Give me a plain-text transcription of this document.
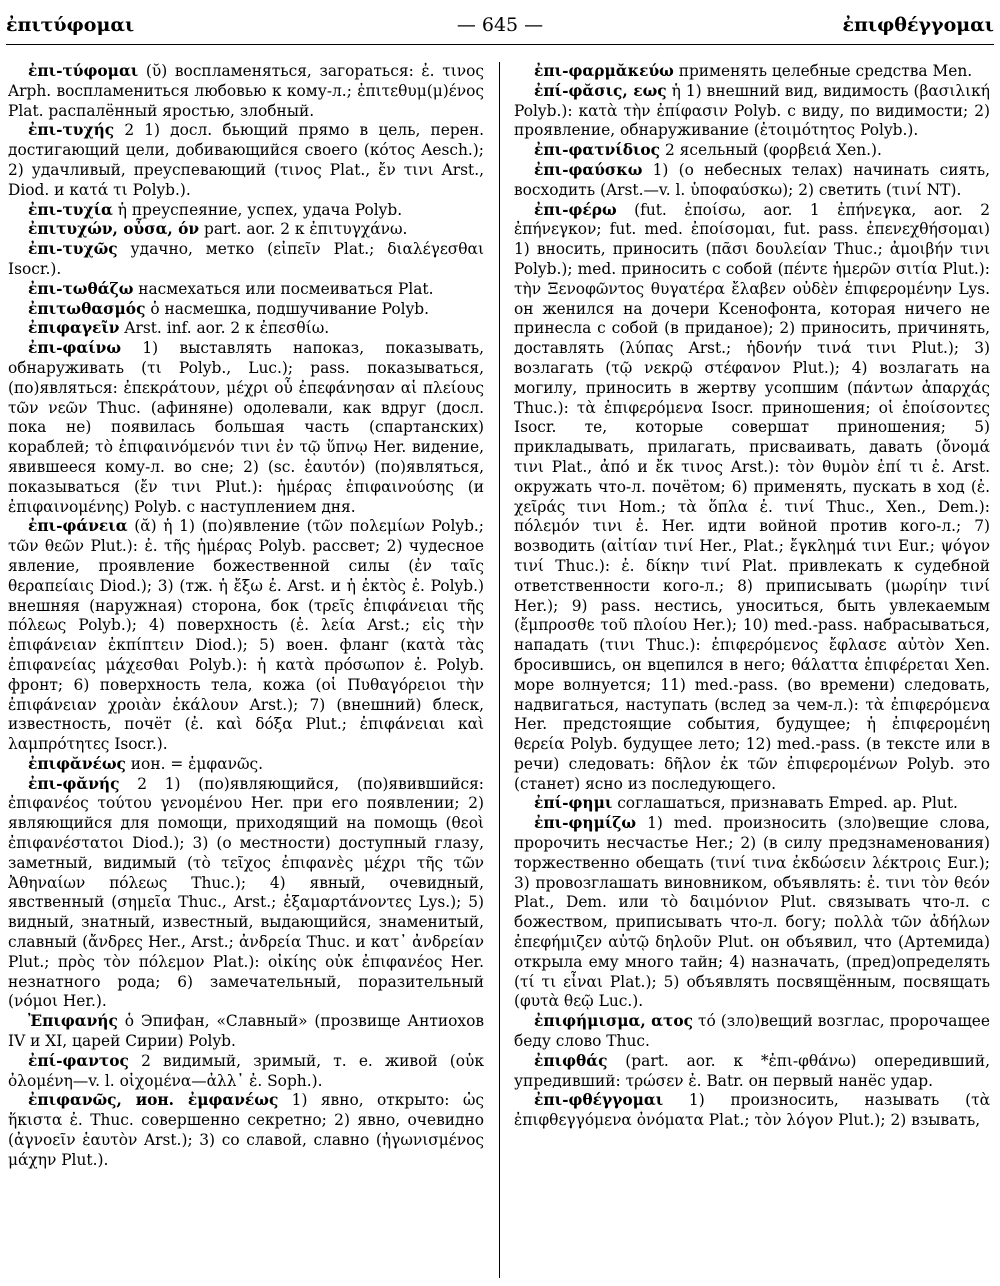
ἐπιτύφομαι	— 645 —	ἐπιφθέγγομαι

ἐπι-τύφομαι (ῠ) воспламеняться, загораться: ἐ. τινος Arph. воспламениться любовью к кому-л.; ἐπιτεθυμ(μ)ένος Plat. распалённый яростью, злобный.

ἐπι-τυχής 2 1) досл. бьющий прямо в цель, перен. достигающий цели, добивающийся своего (κότος Aesch.); 2) удачливый, преуспевающий (τινος Plat., ἔν τινι Arst., Diod. и κατά τι Polyb.).

ἐπι-τυχία ἡ преуспеяние, успех, удача Polyb.

ἐπιτυχών, οὖσα, όν part. aor. 2 к ἐπιτυγχάνω.

ἐπι-τυχῶς удачно, метко (εἰπεῖν Plat.; διαλέγεσθαι Isocr.).

ἐπι-τωθάζω насмехаться или посмеиваться Plat.

ἐπιτωθασμός ὁ насмешка, подшучивание Polyb.

ἐπιφαγεῖν Arst. inf. aor. 2 к ἐπεσθίω.

ἐπι-φαίνω 1) выставлять напоказ, показывать, обнаруживать (τι Polyb., Luc.); pass. показываться, (по)являться: ἐπεκράτουν, μέχρι οὗ ἐπεφάνησαν αἱ πλείους τῶν νεῶν Thuc. (афиняне) одолевали, как вдруг (досл. пока не) появилась большая часть (спартанских) кораблей; τὸ ἐπιφαινόμενόν τινι ἐν τῷ ὕπνῳ Her. видение, явившееся кому-л. во сне; 2) (sc. ἑαυτόν) (по)являться, показываться (ἔν τινι Plut.): ἡμέρας ἐπιφαινούσης (и ἐπιφαινομένης) Polyb. с наступлением дня.

ἐπι-φάνεια (ᾰ) ἡ 1) (по)явление (τῶν πολεμίων Polyb.; τῶν θεῶν Plut.): ἐ. τῆς ἡμέρας Polyb. рассвет; 2) чудесное явление, проявление божественной силы (ἐν ταῖς θεραπείαις Diod.); 3) (тж. ἡ ἔξω ἐ. Arst. и ἡ ἐκτὸς ἐ. Polyb.) внешняя (наружная) сторона, бок (τρεῖς ἐπιφάνειαι τῆς πόλεως Polyb.); 4) поверхность (ἐ. λεία Arst.; εἰς τὴν ἐπιφάνειαν ἐκπίπτειν Diod.); 5) воен. фланг (κατὰ τὰς ἐπιφανείας μάχεσθαι Polyb.): ἡ κατὰ πρόσωπον ἐ. Polyb. фронт; 6) поверхность тела, кожа (οἱ Πυθαγόρειοι τὴν ἐπιφάνειαν χροιὰν ἐκάλουν Arst.); 7) (внешний) блеск, известность, почёт (ἐ. καὶ δόξα Plut.; ἐπιφάνειαι καὶ λαμπρότητες Isocr.).

ἐπιφᾰνέως ион. = ἐμφανῶς.

ἐπι-φᾰνής 2 1) (по)являющийся, (по)явившийся: ἐπιφανέος τούτου γενομένου Her. при его появлении; 2) являющийся для помощи, приходящий на помощь (θεοὶ ἐπιφανέστατοι Diod.); 3) (о местности) доступный глазу, заметный, видимый (τὸ τεῖχος ἐπιφανὲς μέχρι τῆς τῶν Ἀθηναίων πόλεως Thuc.); 4) явный, очевидный, явственный (σημεῖα Thuc., Arst.; ἐξαμαρτάνοντες Lys.); 5) видный, знатный, известный, выдающийся, знаменитый, славный (ἄνδρες Her., Arst.; ἀνδρεία Thuc. и κατ᾽ ἀνδρείαν Plut.; πρὸς τὸν πόλεμον Plat.): οἰκίης οὐκ ἐπιφανέος Her. незнатного рода; 6) замечательный, поразительный (νόμοι Her.).

Ἐπιφανής ὁ Эпифан, «Славный» (прозвище Антиохов IV и XI, царей Сирии) Polyb.

ἐπί-φαντος 2 видимый, зримый, т. е. живой (οὐκ ὀλομένη—v. l. οἰχομένα—ἀλλ᾽ ἐ. Soph.).

ἐπιφανῶς, ион. ἐμφανέως 1) явно, открыто: ὡς ἥκιστα ἐ. Thuc. совершенно секретно; 2) явно, очевидно (ἀγνοεῖν ἑαυτὸν Arst.); 3) со славой, славно (ἠγωνισμένος μάχην Plut.).

ἐπι-φαρμᾰκεύω применять целебные средства Men.

ἐπί-φᾰσις, εως ἡ 1) внешний вид, видимость (βασιλική Polyb.): κατὰ τὴν ἐπίφασιν Polyb. с виду, по видимости; 2) проявление, обнаруживание (ἑτοιμότητος Polyb.).

ἐπι-φατνίδιος 2 ясельный (φορβειά Xen.).

ἐπι-φαύσκω 1) (о небесных телах) начинать сиять, восходить (Arst.—v. l. ὑποφαύσκω); 2) светить (τινί NT).

ἐπι-φέρω (fut. ἐποίσω, aor. 1 ἐπήνεγκα, aor. 2 ἐπήνεγκον; fut. med. ἐποίσομαι, fut. pass. ἐπενεχθήσομαι) 1) вносить, приносить (πᾶσι δουλείαν Thuc.; ἀμοιβήν τινι Polyb.); med. приносить с собой (πέντε ἡμερῶν σιτία Plut.): τὴν Ξενοφῶντος θυγατέρα ἔλαβεν οὐδὲν ἐπιφερομένην Lys. он женился на дочери Ксенофонта, которая ничего не принесла с собой (в приданое); 2) приносить, причинять, доставлять (λύπας Arst.; ἡδονήν τινά τινι Plut.); 3) возлагать (τῷ νεκρῷ στέφανον Plut.); 4) возлагать на могилу, приносить в жертву усопшим (πάντων ἀπαρχάς Thuc.): τὰ ἐπιφερόμενα Isocr. приношения; οἱ ἐποίσοντες Isocr. те, которые совершат приношения; 5) прикладывать, прилагать, присваивать, давать (ὄνομά τινι Plat., ἀπό и ἔκ τινος Arst.): τὸν θυμὸν ἐπί τι ἐ. Arst. окружать что-л. почётом; 6) применять, пускать в ход (ἐ. χεῖράς τινι Hom.; τὰ ὅπλα ἐ. τινί Thuc., Xen., Dem.): πόλεμόν τινι ἐ. Her. идти войной против кого-л.; 7) возводить (αἰτίαν τινί Her., Plat.; ἔγκλημά τινι Eur.; ψόγον τινί Thuc.): ἐ. δίκην τινί Plat. привлекать к судебной ответственности кого-л.; 8) приписывать (μωρίην τινί Her.); 9) pass. нестись, уноситься, быть увлекаемым (ἔμπροσθε τοῦ πλοίου Her.); 10) med.-pass. набрасываться, нападать (τινι Thuc.): ἐπιφερόμενος ἔφλασε αὐτὸν Xen. бросившись, он вцепился в него; θάλαττα ἐπιφέρεται Xen. море волнуется; 11) med.-pass. (во времени) следовать, надвигаться, наступать (вслед за чем-л.): τὰ ἐπιφερόμενα Her. предстоящие события, будущее; ἡ ἐπιφερομένη θερεία Polyb. будущее лето; 12) med.-pass. (в тексте или в речи) следовать: δῆλον ἐκ τῶν ἐπιφερομένων Polyb. это (станет) ясно из последующего.

ἐπί-φημι соглашаться, признавать Emped. ap. Plut.

ἐπι-φημίζω 1) med. произносить (зло)вещие слова, пророчить несчастье Her.; 2) (в силу предзнаменования) торжественно обещать (τινί τινα ἐκδώσειν λέκτροις Eur.); 3) провозглашать виновником, объявлять: ἐ. τινι τὸν θεόν Plat., Dem. или τὸ δαιμόνιον Plut. связывать что-л. с божеством, приписывать что-л. богу; πολλὰ τῶν ἀδήλων ἐπεφήμιζεν αὐτῷ δηλοῦν Plut. он объявил, что (Артемида) открыла ему много тайн; 4) назначать, (пред)определять (τί τι εἶναι Plat.); 5) объявлять посвящённым, посвящать (φυτὰ θεῷ Luc.).

ἐπιφήμισμα, ατος τό (зло)вещий возглас, пророчащее беду слово Thuc.

ἐπιφθάς (part. aor. к *ἐπι-φθάνω) опередивший, упредивший: τρώσεν ἐ. Batr. он первый нанёс удар.

ἐπι-φθέγγομαι 1) произносить, называть (τὰ ἐπιφθεγγόμενα ὀνόματα Plat.; τὸν λόγον Plut.); 2) взывать,
